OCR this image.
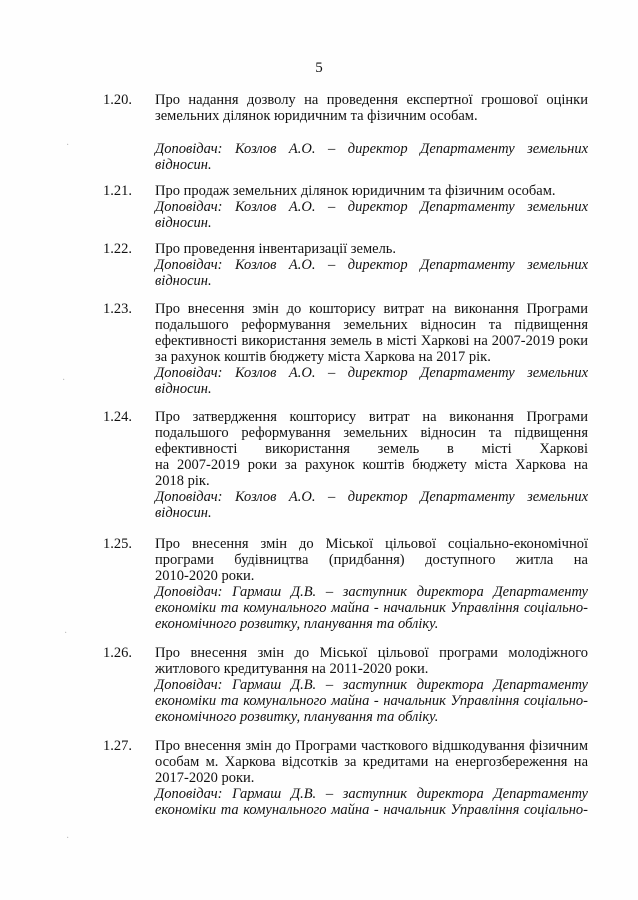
5
1.20. Про надання дозволу на проведення експертної грошової оцінки

земельних ділянок юридичним та фізичним особам.

Доповідач: Козлов А.О. – директор Департаменту земельних

відносин.

1.21. Про продаж земельних ділянок юридичним та фізичним особам.

Доповідач: Козлов А.О. – директор Департаменту земельних

відносин.

1.22. Про проведення інвентаризації земель.

Доповідач: Козлов А.О. – директор Департаменту земельних

відносин.

1.23. Про внесення змін до кошторису витрат на виконання Програми

подальшого реформування земельних відносин та підвищення

ефективності використання земель в місті Харкові на 2007-2019 роки

за рахунок коштів бюджету міста Харкова на 2017 рік.

Доповідач: Козлов А.О. – директор Департаменту земельних

відносин.

1.24. Про затвердження кошторису витрат на виконання Програми

подальшого реформування земельних відносин та підвищення

ефективності використання земель в місті Харкові

на 2007-2019 роки за рахунок коштів бюджету міста Харкова на

2018 рік.

Доповідач: Козлов А.О. – директор Департаменту земельних

відносин.

1.25. Про внесення змін до Міської цільової соціально-економічної

програми будівництва (придбання) доступного житла на

2010-2020 роки.

Доповідач: Гармаш Д.В. – заступник директора Департаменту

економіки та комунального майна - начальник Управління соціально-

економічного розвитку, планування та обліку.

1.26. Про внесення змін до Міської цільової програми молодіжного

житлового кредитування на 2011-2020 роки.

Доповідач: Гармаш Д.В. – заступник директора Департаменту

економіки та комунального майна - начальник Управління соціально-

економічного розвитку, планування та обліку.

1.27. Про внесення змін до Програми часткового відшкодування фізичним

особам м. Харкова відсотків за кредитами на енергозбереження на

2017-2020 роки.

Доповідач: Гармаш Д.В. – заступник директора Департаменту

економіки та комунального майна - начальник Управління соціально-

·
·
·
·
